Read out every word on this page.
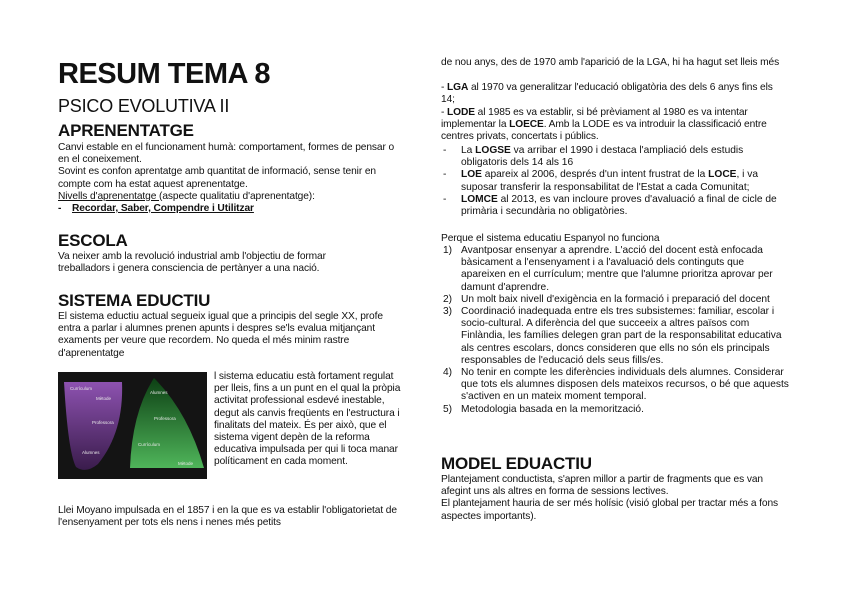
RESUM TEMA 8
PSICO EVOLUTIVA II
APRENENTATGE

Canvi estable en el funcionament humà: comportament, formes de pensar o en el coneixement.
Sovint es confon aprentatge amb quantitat de informació, sense tenir en compte com ha estat aquest aprenentatge.
Nivells d'aprenentatge (aspecte qualitatiu d'aprenentatge):

- Recordar, Saber, Compendre i Utilitzar
ESCOLA

Va neixer amb la revolució industrial amb l'objectiu de formar treballadors i genera consciencia de pertànyer a una nació.

SISTEMA EDUCTIU

El sistema eductiu actual segueix igual que a principis del segle XX, profe entra a parlar i alumnes prenen apunts i despres se'ls evalua mitjançant examents per veure que recordem. No queda el més minim rastre d'aprenentatge

Currículum
Mètode
Professora
Alumnes
Alumnes
Professora
Currículum
Mètode

l sistema educatiu està fortament regulat per lleis, fins a un punt en el qual la pròpia activitat professional esdevé inestable, degut als canvis freqüents en l'estructura i finalitats del mateix. És per això, que el sistema vigent depèn de la reforma educativa impulsada per qui li toca manar políticament en cada moment.

Llei Moyano impulsada en el 1857 i en la que es va establir l'obligatorietat de l'ensenyament per tots els nens i nenes més petits

de nou anys, des de 1970 amb l'aparició de la LGA, hi ha hagut set lleis més

- LGA al 1970 va generalitzar l'educació obligatòria des dels 6 anys fins els 14;

- LODE al 1985 es va establir, si bé prèviament al 1980 es va intentar implementar la LOECE. Amb la LODE es va introduir la classificació entre centres privats, concertats i públics.

- La LOGSE va arribar el 1990 i destaca l'ampliació dels estudis obligatoris dels 14 als 16
- LOE apareix al 2006, després d'un intent frustrat de la LOCE, i va suposar transferir la responsabilitat de l'Estat a cada Comunitat;
- LOMCE al 2013, es van incloure proves d'avaluació a final de cicle de primària i secundària no obligatòries.

Perque el sistema educatiu Espanyol no funciona

1) Avantposar ensenyar a aprendre. L'acció del docent està enfocada bàsicament a l'ensenyament i a l'avaluació dels continguts que apareixen en el currículum; mentre que l'alumne prioritza aprovar per damunt d'aprendre.
2) Un molt baix nivell d'exigència en la formació i preparació del docent
3) Coordinació inadequada entre els tres subsistemes: familiar, escolar i socio-cultural. A diferència del que succeeix a altres països com Finlàndia, les famílies delegen gran part de la responsabilitat educativa als centres escolars, doncs consideren que ells no són els principals responsables de l'educació dels seus fills/es.
4) No tenir en compte les diferències individuals dels alumnes. Considerar que tots els alumnes disposen dels mateixos recursos, o bé que aquests s'activen en un mateix moment temporal.
5) Metodologia basada en la memorització.
MODEL EDUACTIU

Plantejament conductista, s'apren millor a partir de fragments que es van afegint uns als altres en forma de sessions lectives.
El plantejament hauria de ser més holísic (visió global per tractar més a fons aspectes importants).
